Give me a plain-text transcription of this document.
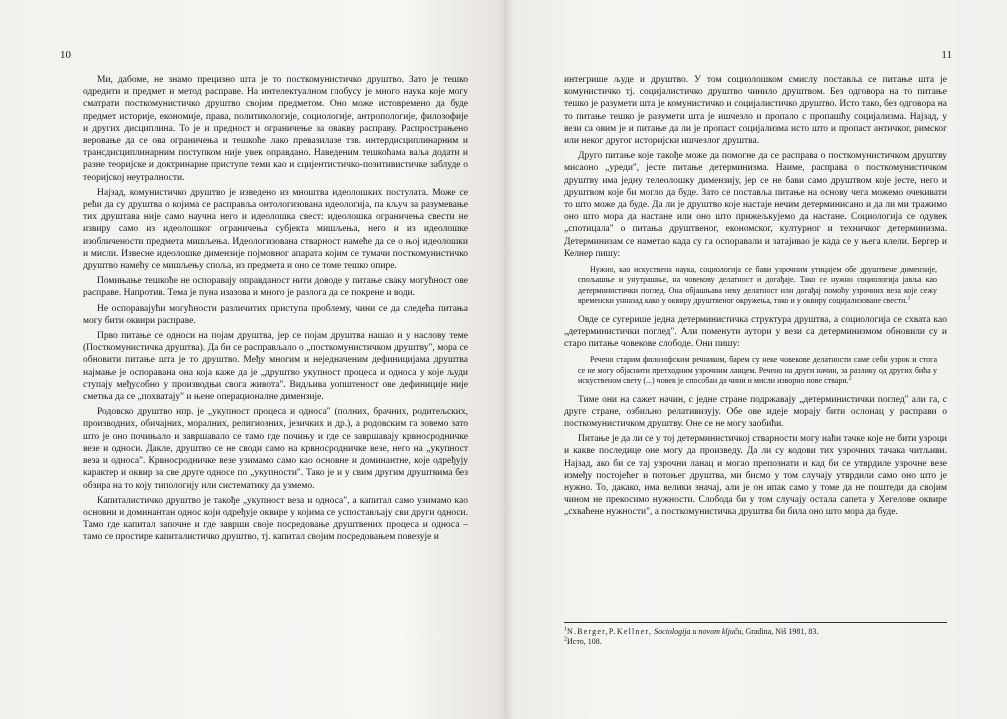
10

Ми, дабоме, не знамо прецизно шта је то посткомунистичко друштво. Зато је тешко одредити и предмет и метод расправе. На интелектуалном глобусу је много наука које могу сматрати посткомунистичко друштво својим предметом. Оно може истовремено да буде предмет историје, економије, права, политикологије, социологије, антропологије, филозофије и других дисциплина. То је и предност и ограничење за овакву расправу. Распрострањено веровање да се ова ограничења и тешкоће лако превазилазе тзв. интердисциплинарним и трансдисциплинарним поступком није увек оправдано. Наведеним тешкоћама ваља додати и разне теоријске и доктринарне приступе теми као и сцијентистичко-позитивистичке заблуде о теоријској неутралности.

Најзад, комунистичко друштво је изведено из мноштва идеолошких постулата. Може се рећи да су друштва о којима се расправља онтологизована идеологија, па кључ за разумевање тих друштава није само научна него и идеолошка свест: идеолошка ограничења свести не извиру само из идеолошког ограничења субјекта мишљења, него и из идеолошке изобличености предмета мишљења. Идеологизована стварност намеће да се о њој идеолошки и мисли. Извесне идеолошке димензије појмовног апарата којим се тумачи посткомунистичко друштво намећу се мишљењу споља, из предмета и оно се томе тешко опире.

Помињање тешкоће не оспоравају оправданост нити доводе у питање сваку могућност ове расправе. Напротив. Тема је пуна изазова и много је разлога да се покрене и води.

Не оспоравајући могућности различитих приступа проблему, чини се да следећа питања могу бити оквири расправе.

Прво питање се односи на појам друштва, јер се појам друштва нашао и у наслову теме (Посткомунистичка друштва). Да би се расправљало о „посткомунистичком друштву", мора се обновити питање шта је то друштво. Међу многим и неједначеним дефиницијама друштва најмање је оспоравана она која каже да је „друштво укупност процеса и односа у које људи ступају међусобно у производњи свога живота". Видљива уопштеност ове дефиниције није сметња да се „похватају" и њене операционалне димензије.

Родовско друштво нпр. је „укупност процеса и односа" (полних, брачних, родитељских, производних, обичајних, моралних, религиозних, језичких и др.), а родовским га зовемо зато што је оно почињало и завршавало се тамо где почињу и где се завршавају крвносродничке везе и односи. Дакле, друштво се не своди само на крвносродничке везе, него на „укупност веза и односа". Крвносродничке везе узимамо само као основне и доминантне, које одређују карактер и оквир за све друге односе по „укупности". Тако је и у свим другим друштвима без обзира на то коју типологију или систематику да узмемо.

Капиталистичко друштво је такође „укупност веза и односа", а капитал само узимамо као основни и доминантан однос који одређује оквире у којима се успостављају сви други односи. Тамо где капитал започне и где заврши своје посредовање друштвених процеса и односа – тамо се простире капиталистичко друштво, тј. капитал својим посредовањем повезује и

11

интегрише људе и друштво. У том социолошком смислу постављa се питање шта је комунистичко тј. социјалистичко друштво чинило друштвом. Без одговора на то питање тешко је разумети шта је комунистичко и социјалистичко друштво. Исто тако, без одговора на то питање тешко је разумети шта је ишчезло и пропало с пропашћу социјализма. Најзад, у вези са овим је и питање да ли је пропаст социјализма исто што и пропаст античког, римског или неког другог историјски ишчезлог друштва.

Друго питање које такође може да помогне да се расправа о посткомунистичком друштву мисаоно „уреди", јесте питање детерминизма. Наиме, расправа о посткомунистичком друштву има једну телеолошку димензију, јер се не бави само друштвом које јесте, него и друштвом које би могло да буде. Зато се поставља питање на основу чега можемо очекивати то што може да буде. Да ли је друштво које настаје нечим детерминисано и да ли ми тражимо оно што мора да настане или оно што прижељкујемо да настане. Социологија се одувек „спотицала" о питања друштвеног, економског, културног и техничког детерминизма. Детерминизам се наметао када су га оспоравали и затајивао је када се у њега клели. Бергер и Келнер пишу:

Нужно, као искуствена наука, социологија се бави узрочним утицајем обе друштвене димензије, спољашње и унутрашње, на човекову делатност и догађаје. Тако се нужно социологија јавља као детерминистички поглед. Она објашњава неку делатност или догађај помоћу узрочних веза које сежу временски унназад како у оквиру друштвеног окружења, тако и у оквиру социјализоване свести.$^1$

Овде се сугерише једна детерминистичка структура друштва, а социологија се схвата као „детерминистички поглед". Али поменути аутори у вези са детерминизмом обновили су и старо питање човекове слободе. Они пишу:

Речено старим филозофским речником, барем су неке човекове делатности саме себи узрок и стога се не могу објаснити претходним узрочним ланцем. Речено на други начин, за разлику од других бића у искуственом свету (...) човек је способан да чини и мисли изворно нове ствари.$^2$

Тиме они на сажет начин, с једне стране подржавају „детерминистички поглед" али га, с друге стране, озбиљно релативизују. Обе ове идеје морају бити ослонац у расправи о посткомунистичком друштву. Оне се не могу заобићи.

Питање је да ли се у тој детерминистичкој стварности могу наћи тачке које не бити узроци и какве последице оне могу да произведу. Да ли су кодови тих узрочних тачака читљиви. Најзад, ако би се тај узрочни ланац и могао препознати и кад би се утврдиле узрочне везе између постојећег и потоњег друштва, ми бисмо у том случају утврдили само оно што је нужно. То, дакако, има велики значај, али је он ипак само у томе да не поштеди да својим чином не прекосимо нужности. Слобода би у том случају остала сапета у Хегелове оквире „схваћене нужности", а посткомунистичка друштва би била оно што мора да буде.

$^1$N.Berger,P.Kellner, Sociologija u novom ključu, Gradina, Niš 1981, 83.

$^2$Исто, 108.
